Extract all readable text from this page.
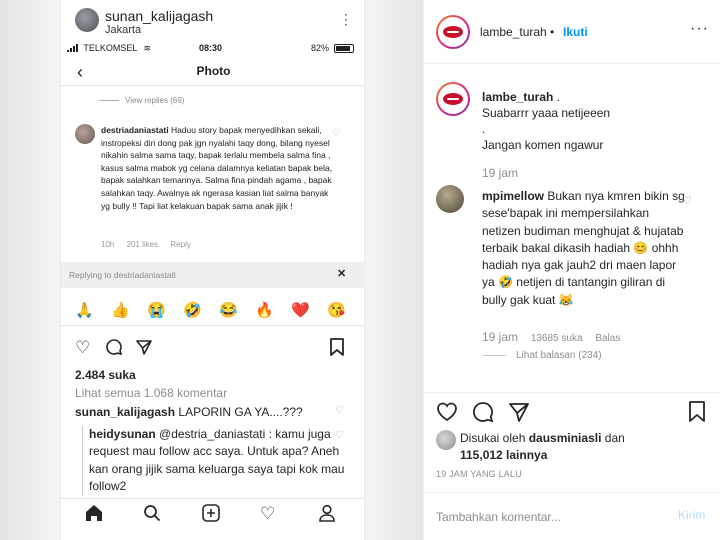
sunan_kalijagash
Jakarta
⋮
TELKOMSEL ≋	08:30	82%
‹	Photo
View replies (69)
destriadaniastati Haduu story bapak menyedihkan sekali, instropeksi diri dong pak jgn nyalahi taqy dong, bilang nyesel nikahin salma sama taqy, bapak terlalu membela salma fina , kasus salma mabok yg celana dalamnya keliatan bapak bela, bapak salahkan temannya. Salma fina pindah agama , bapak salahkan taqy. Awalnya ak ngerasa kasian liat salma banyak yg bully !! Tapi liat kelakuan bapak sama anak jijik !
♡
10h 201 likes Reply
Replying to destriadaniastati	✕
🙏 👍 😭 🤣 😂 🔥 ❤️ 😘
♡
2.484 suka
Lihat semua 1.068 komentar
sunan_kalijagash LAPORIN GA YA....???	♡
heidysunan @destria_daniastati : kamu juga request mau follow acc saya. Untuk apa? Aneh kan orang jijik sama keluarga saya tapi kok mau follow2
♡
♡
lambe_turah • Ikuti	···
lambe_turah .
Suabarrr yaaa netijeeen
.
Jangan komen ngawur
19 jam
mpimellow Bukan nya kmren bikin sg sese'bapak ini mempersilahkan netizen budiman menghujat & hujatab terbaik bakal dikasih hadiah 😊 ohhh hadiah nya gak jauh2 dri maen lapor ya 🤣 netijen di tantangin giliran di bully gak kuat 😹
♡
19 jam 13685 suka Balas
Lihat balasan (234)
Disukai oleh dausminiasli dan
115,012 lainnya
19 JAM YANG LALU
Tambahkan komentar...
Kirim
